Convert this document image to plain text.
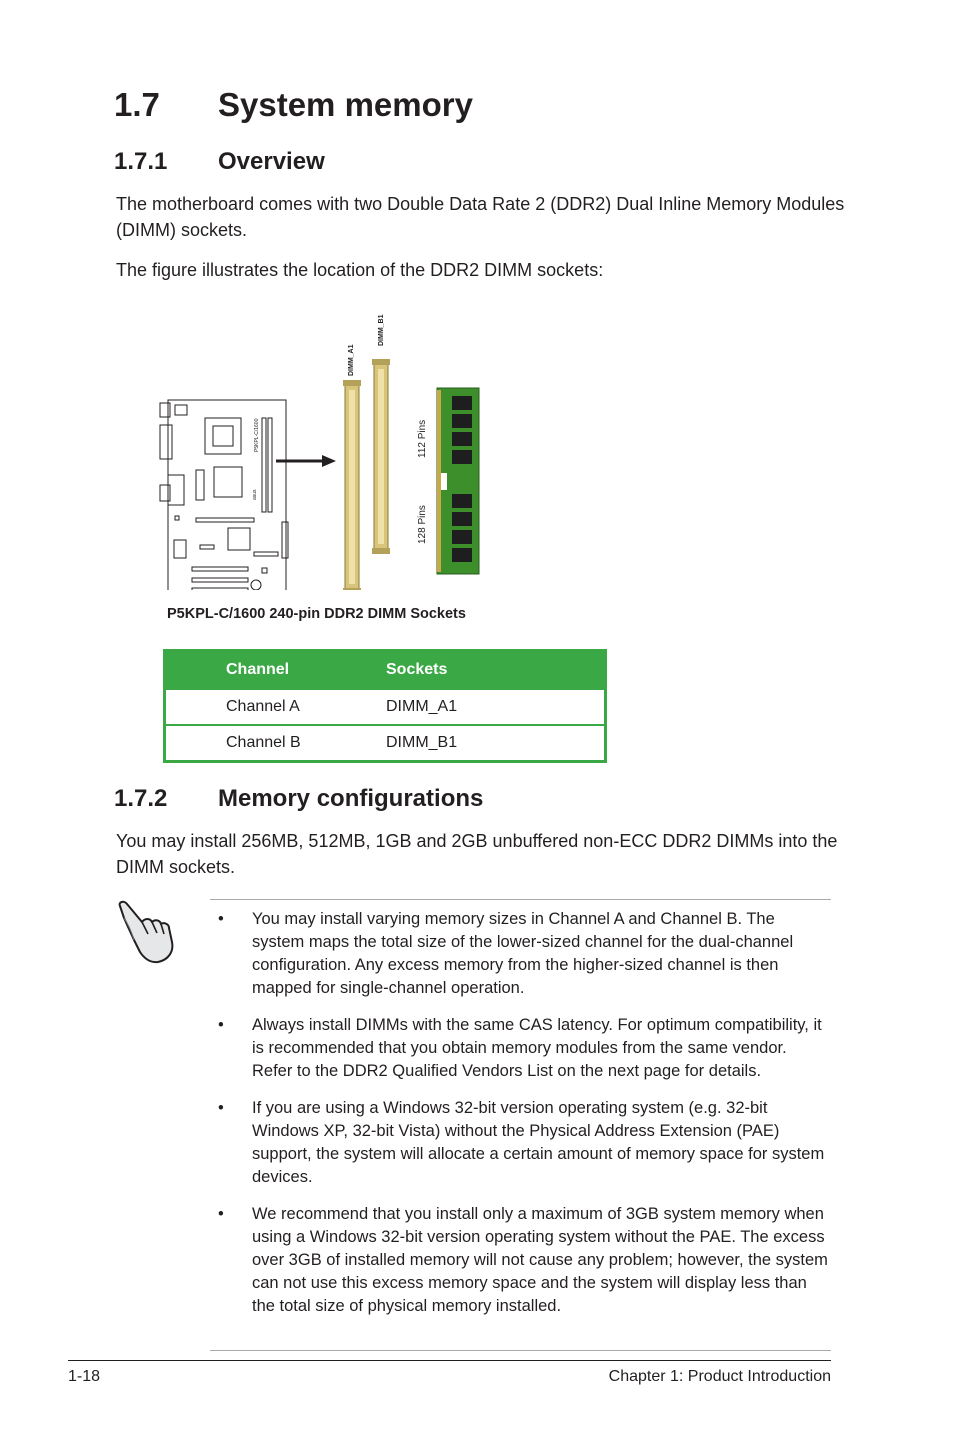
1.7 System memory
1.7.1 Overview
The motherboard comes with two Double Data Rate 2 (DDR2) Dual Inline Memory Modules (DIMM) sockets.
The figure illustrates the location of the DDR2 DIMM sockets:
P5KPL-C/1600
asus
DIMM_A1
DIMM_B1
112 Pins
128 Pins
P5KPL-C/1600 240-pin DDR2 DIMM Sockets
Channel	Sockets
Channel A	DIMM_A1
Channel B	DIMM_B1
1.7.2 Memory configurations
You may install 256MB, 512MB, 1GB and 2GB unbuffered non-ECC DDR2 DIMMs into the DIMM sockets.
• You may install varying memory sizes in Channel A and Channel B. The system maps the total size of the lower-sized channel for the dual-channel configuration. Any excess memory from the higher-sized channel is then mapped for single-channel operation.
• Always install DIMMs with the same CAS latency. For optimum compatibility, it is recommended that you obtain memory modules from the same vendor. Refer to the DDR2 Qualified Vendors List on the next page for details.
• If you are using a Windows 32-bit version operating system (e.g. 32-bit Windows XP, 32-bit Vista) without the Physical Address Extension (PAE) support, the system will allocate a certain amount of memory space for system devices.
• We recommend that you install only a maximum of 3GB system memory when using a Windows 32-bit version operating system without the PAE. The excess over 3GB of installed memory will not cause any problem; however, the system can not use this excess memory space and the system will display less than the total size of physical memory installed.
1-18	Chapter 1: Product Introduction
